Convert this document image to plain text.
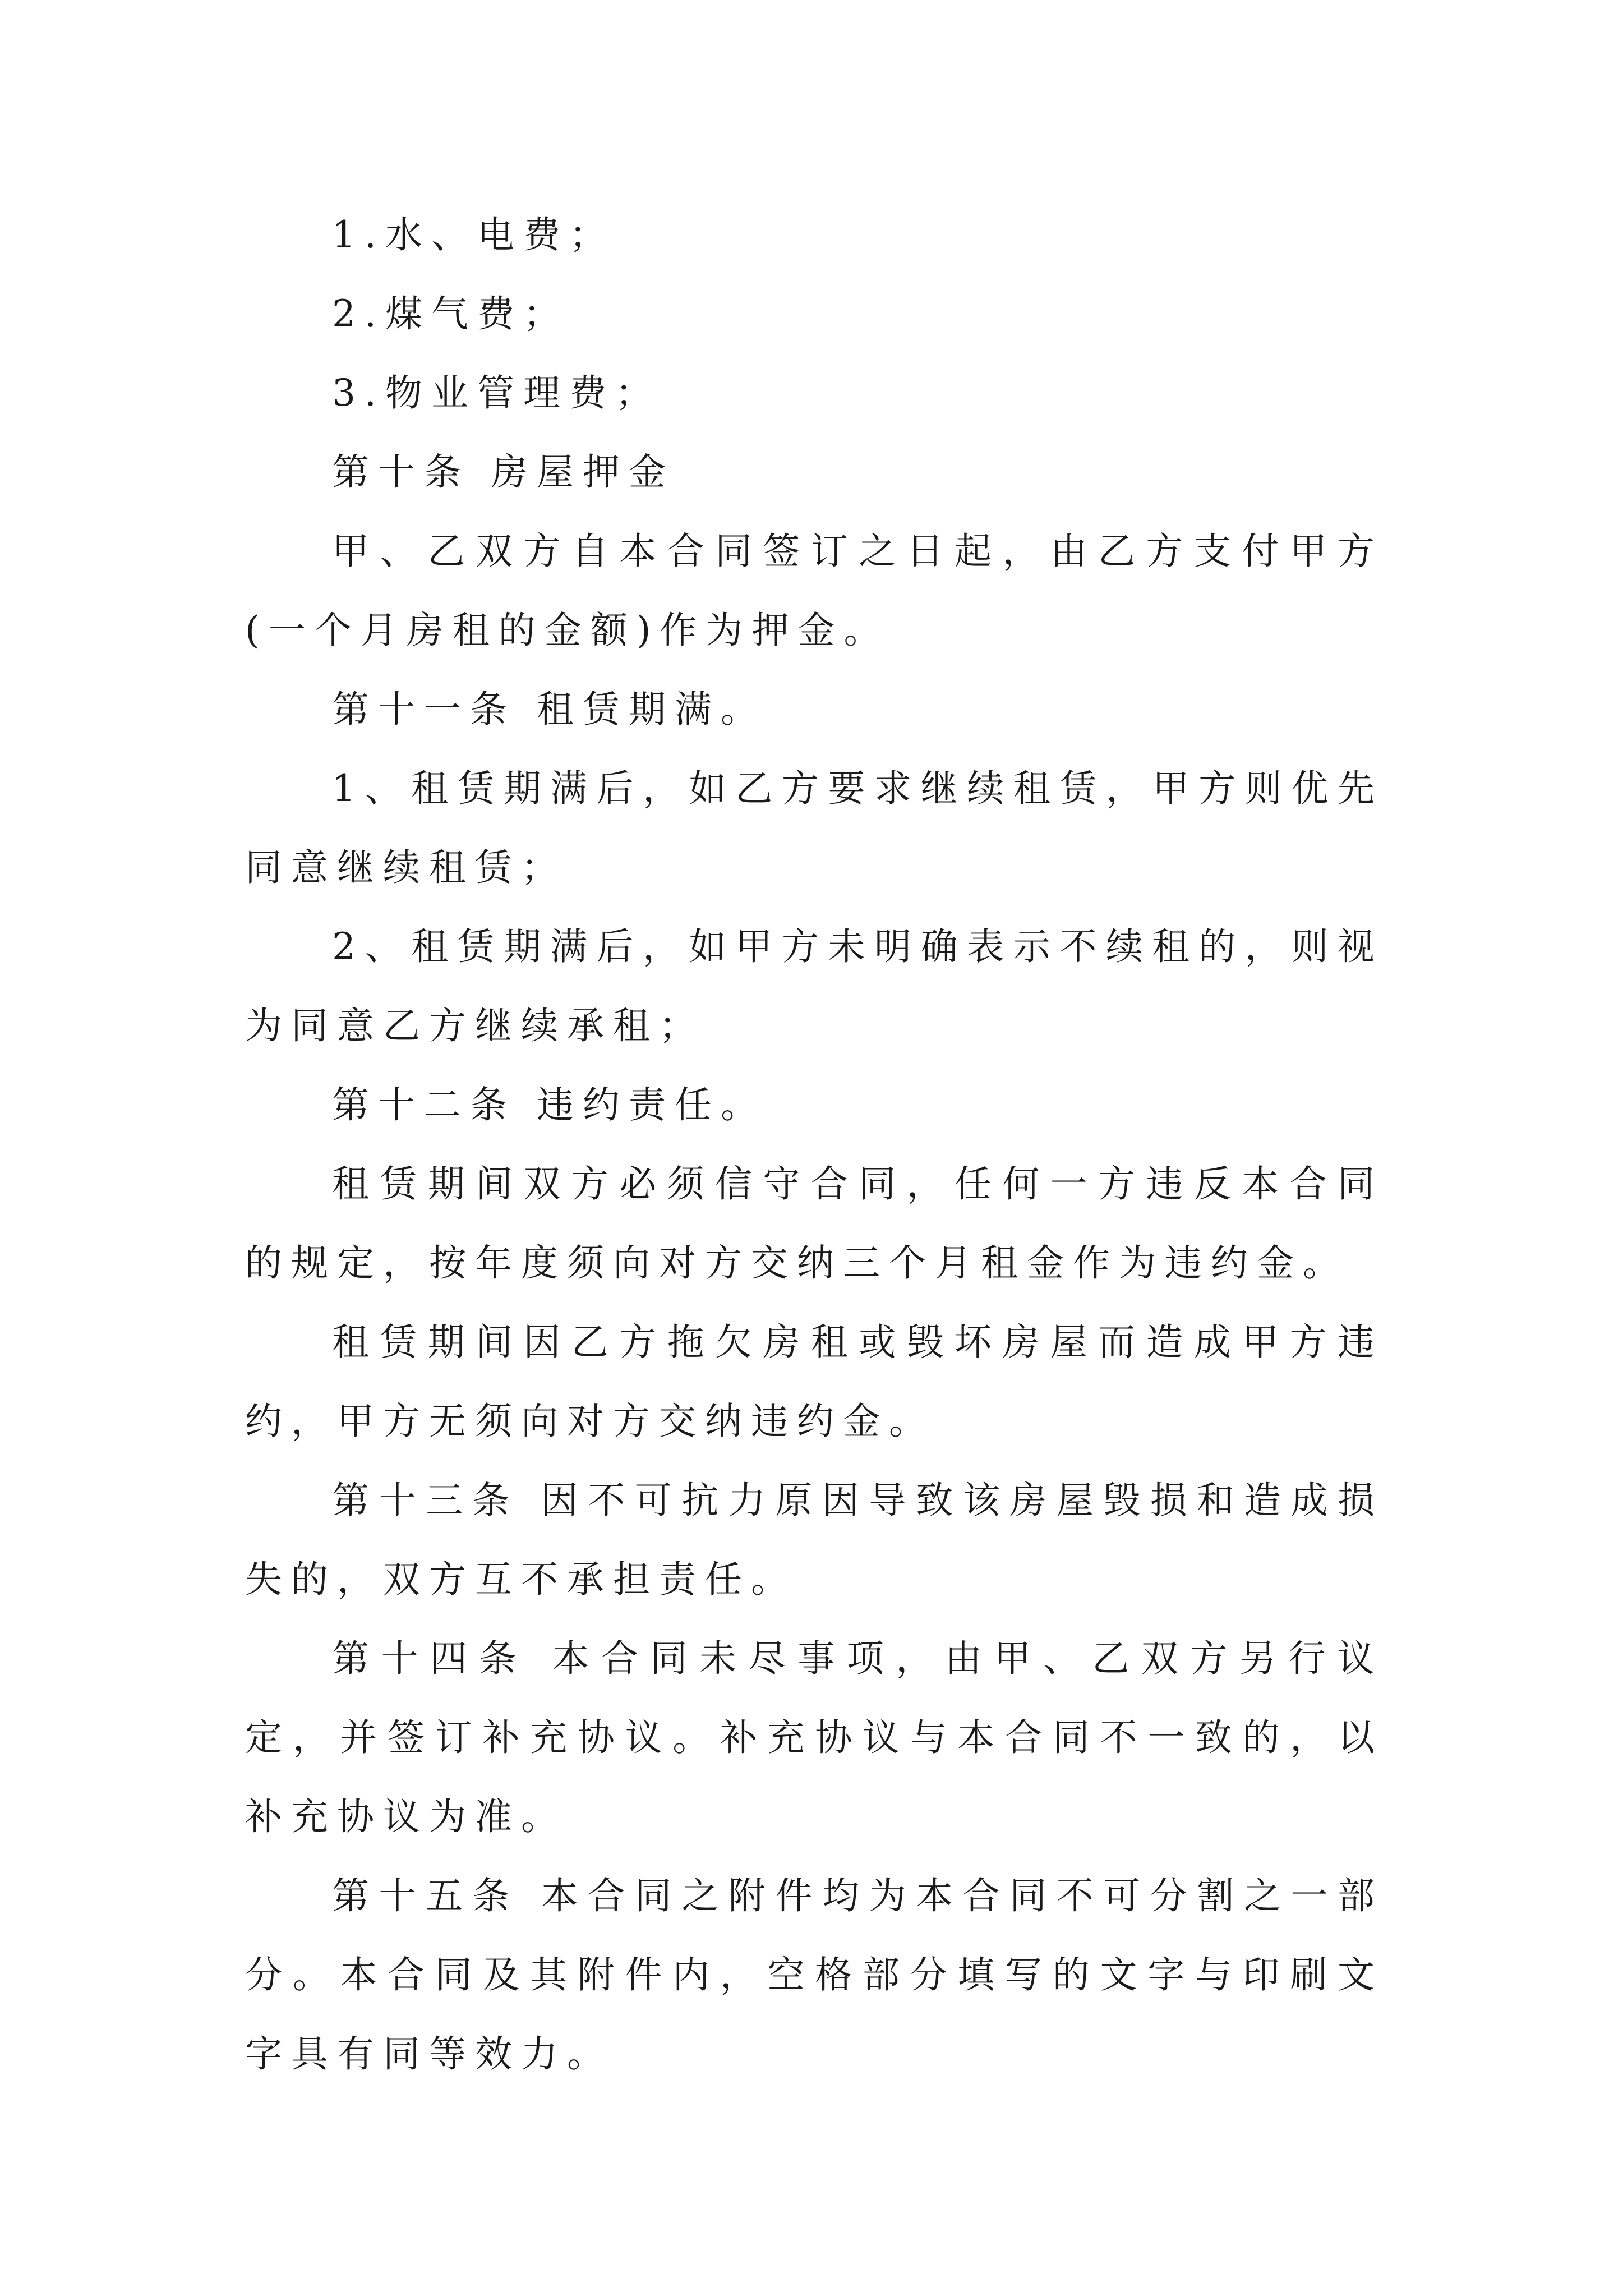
1.水、电费；

2.煤气费；

3.物业管理费；

第十条 房屋押金

甲、乙双方自本合同签订之日起，由乙方支付甲方(一个月房租的金额)作为押金。

第十一条 租赁期满。

1、租赁期满后，如乙方要求继续租赁，甲方则优先同意继续租赁；

2、租赁期满后，如甲方未明确表示不续租的，则视为同意乙方继续承租；

第十二条 违约责任。

租赁期间双方必须信守合同，任何一方违反本合同的规定，按年度须向对方交纳三个月租金作为违约金。

租赁期间因乙方拖欠房租或毁坏房屋而造成甲方违约，甲方无须向对方交纳违约金。

第十三条 因不可抗力原因导致该房屋毁损和造成损失的，双方互不承担责任。

第十四条 本合同未尽事项，由甲、乙双方另行议定，并签订补充协议。补充协议与本合同不一致的，以补充协议为准。

第十五条 本合同之附件均为本合同不可分割之一部分。本合同及其附件内，空格部分填写的文字与印刷文字具有同等效力。
